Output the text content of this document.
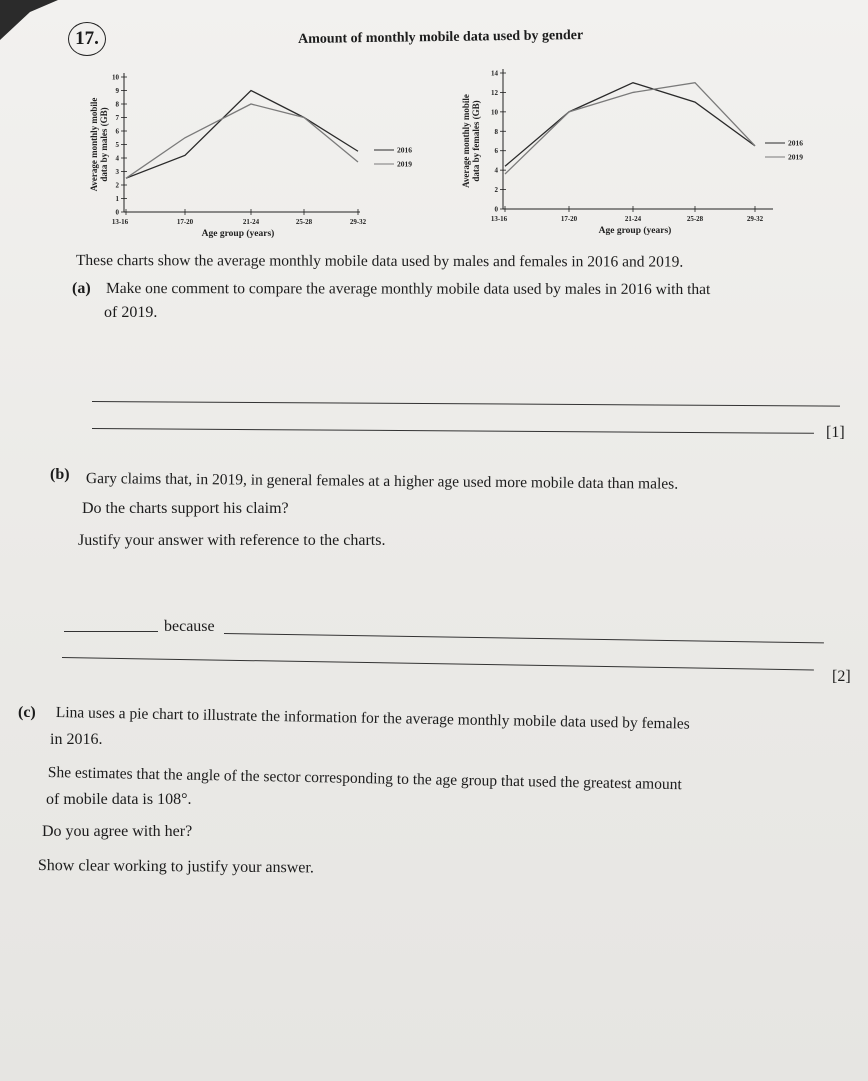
17.	Amount of monthly mobile data used by gender
0
1
2
3
4
5
6
7
8
9
10
13-16	17-20	21-24	25-28	29-32
2016
2019
Age group (years)
Average monthly mobile data by males (GB)
0
2
4
6
8
10
12
14
13-16	17-20	21-24	25-28	29-32
2016
2019
Age group (years)
Average monthly mobile data by females (GB)
These charts show the average monthly mobile data used by males and females in 2016 and 2019.
(a) Make one comment to compare the average monthly mobile data used by males in 2016 with that
of 2019.
[1]
(b) Gary claims that, in 2019, in general females at a higher age used more mobile data than males.
Do the charts support his claim?
Justify your answer with reference to the charts.
because
[2]
(c) Lina uses a pie chart to illustrate the information for the average monthly mobile data used by females
in 2016.
She estimates that the angle of the sector corresponding to the age group that used the greatest amount
of mobile data is 108°.
Do you agree with her?
Show clear working to justify your answer.
